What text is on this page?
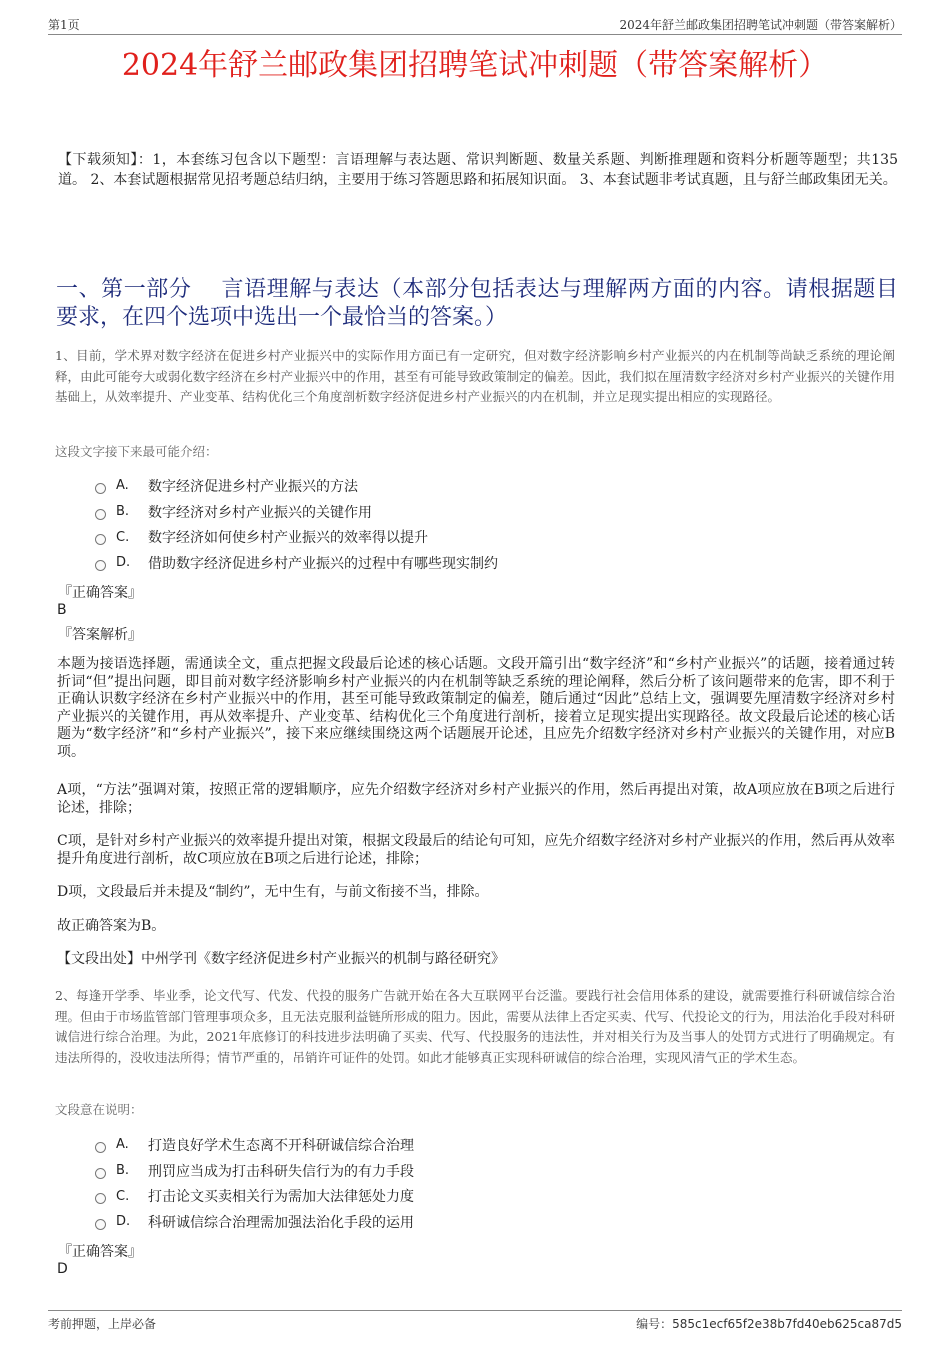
第1页	2024年舒兰邮政集团招聘笔试冲刺题（带答案解析）
2024年舒兰邮政集团招聘笔试冲刺题（带答案解析）
【下载须知】：1，本套练习包含以下题型：言语理解与表达题、常识判断题、数量关系题、判断推理题和资料分析题等题型；共135道。 2、本套试题根据常见招考题总结归纳，主要用于练习答题思路和拓展知识面。 3、本套试题非考试真题，且与舒兰邮政集团无关。
一、第一部分　 言语理解与表达（本部分包括表达与理解两方面的内容。请根据题目要求，在四个选项中选出一个最恰当的答案。）
1、目前，学术界对数字经济在促进乡村产业振兴中的实际作用方面已有一定研究，但对数字经济影响乡村产业振兴的内在机制等尚缺乏系统的理论阐释，由此可能夸大或弱化数字经济在乡村产业振兴中的作用，甚至有可能导致政策制定的偏差。因此，我们拟在厘清数字经济对乡村产业振兴的关键作用基础上，从效率提升、产业变革、结构优化三个角度剖析数字经济促进乡村产业振兴的内在机制，并立足现实提出相应的实现路径。
这段文字接下来最可能介绍：
A.	数字经济促进乡村产业振兴的方法
B.	数字经济对乡村产业振兴的关键作用
C.	数字经济如何使乡村产业振兴的效率得以提升
D.	借助数字经济促进乡村产业振兴的过程中有哪些现实制约
『正确答案』
B
『答案解析』
本题为接语选择题，需通读全文，重点把握文段最后论述的核心话题。文段开篇引出“数字经济”和“乡村产业振兴”的话题，接着通过转折词“但”提出问题，即目前对数字经济影响乡村产业振兴的内在机制等缺乏系统的理论阐释，然后分析了该问题带来的危害，即不利于正确认识数字经济在乡村产业振兴中的作用，甚至可能导致政策制定的偏差，随后通过“因此”总结上文，强调要先厘清数字经济对乡村产业振兴的关键作用，再从效率提升、产业变革、结构优化三个角度进行剖析，接着立足现实提出实现路径。故文段最后论述的核心话题为“数字经济”和“乡村产业振兴”，接下来应继续围绕这两个话题展开论述，且应先介绍数字经济对乡村产业振兴的关键作用，对应B项。
A项，“方法”强调对策，按照正常的逻辑顺序，应先介绍数字经济对乡村产业振兴的作用，然后再提出对策，故A项应放在B项之后进行论述，排除；
C项，是针对乡村产业振兴的效率提升提出对策，根据文段最后的结论句可知，应先介绍数字经济对乡村产业振兴的作用，然后再从效率提升角度进行剖析，故C项应放在B项之后进行论述，排除；
D项，文段最后并未提及“制约”，无中生有，与前文衔接不当，排除。
故正确答案为B。
【文段出处】中州学刊《数字经济促进乡村产业振兴的机制与路径研究》
2、每逢开学季、毕业季，论文代写、代发、代投的服务广告就开始在各大互联网平台泛滥。要践行社会信用体系的建设，就需要推行科研诚信综合治理。但由于市场监管部门管理事项众多，且无法克服利益链所形成的阻力。因此，需要从法律上否定买卖、代写、代投论文的行为，用法治化手段对科研诚信进行综合治理。为此，2021年底修订的科技进步法明确了买卖、代写、代投服务的违法性，并对相关行为及当事人的处罚方式进行了明确规定。有违法所得的，没收违法所得；情节严重的，吊销许可证件的处罚。如此才能够真正实现科研诚信的综合治理，实现风清气正的学术生态。
文段意在说明：
A.	打造良好学术生态离不开科研诚信综合治理
B.	刑罚应当成为打击科研失信行为的有力手段
C.	打击论文买卖相关行为需加大法律惩处力度
D.	科研诚信综合治理需加强法治化手段的运用
『正确答案』
D
考前押题，上岸必备	编号：585c1ecf65f2e38b7fd40eb625ca87d5
